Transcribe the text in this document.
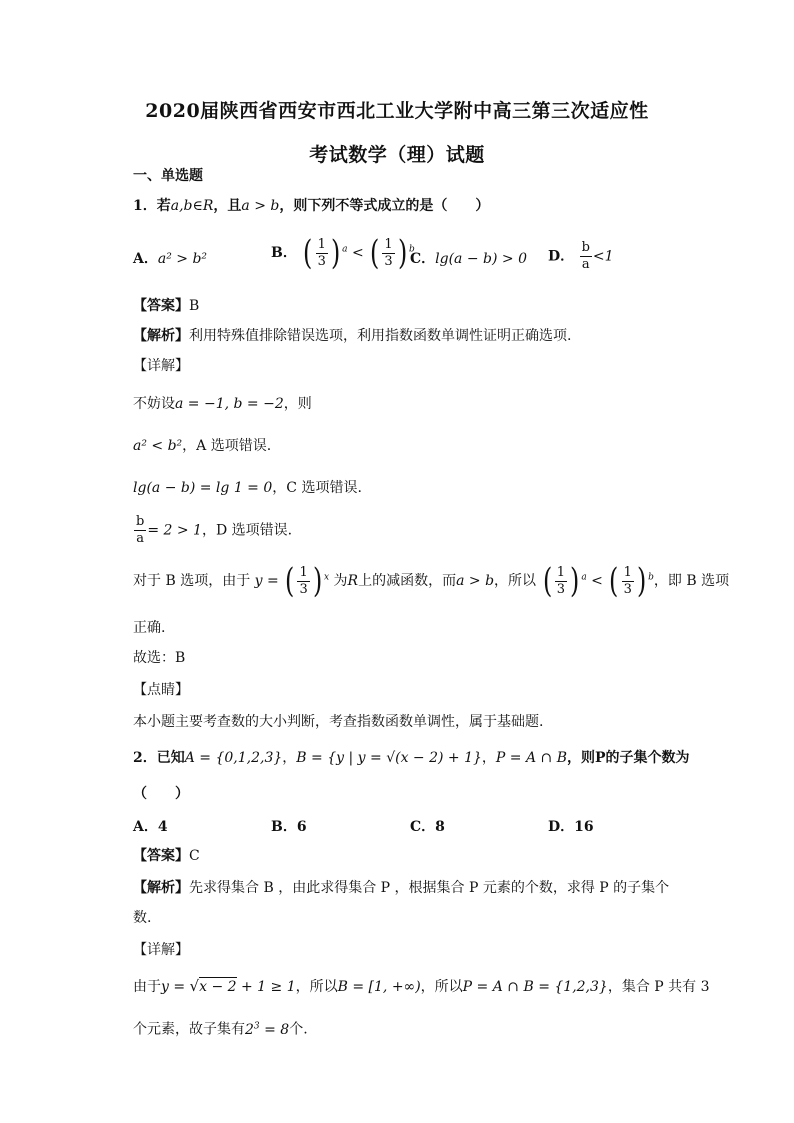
2020届陕西省西安市西北工业大学附中高三第三次适应性
考试数学（理）试题
一、单选题
1．若a,b∈R，且a > b，则下列不等式成立的是（　　）
A．a² > b²	B． ( $\frac{1}{3}$ ) $^a$ < ( $\frac{1}{3}$ ) $^b$
C．lg(a − b) > 0 D． $\frac{b}{a} <1$
【答案】B
【解析】利用特殊值排除错误选项，利用指数函数单调性证明正确选项.
【详解】
不妨设a = −1, b = −2，则
a² < b²，A 选项错误.
lg(a − b) = lg 1 = 0，C 选项错误.
$\frac{b}{a} = 2 > 1$，D 选项错误.
对于 B 选项，由于 y = ( $\frac{1}{3}$ ) $^x$ 为R上的减函数，而a > b，所以 ( $\frac{1}{3}$ ) $^a$ < ( $\frac{1}{3}$ ) $^b$，即 B 选项
正确.
故选：B
【点睛】
本小题主要考查数的大小判断，考查指数函数单调性，属于基础题.
2．已知A = {0,1,2,3}，B = {y | y = √(x − 2) + 1}，P = A ∩ B，则P的子集个数为
（　　）
A．4	B．6	C．8	D．16
【答案】C
【解析】先求得集合 B ，由此求得集合 P ，根据集合 P 元素的个数，求得 P 的子集个
数.
【详解】
由于y = √x − 2 + 1 ≥ 1，所以B = [1, +∞)，所以P = A ∩ B = {1,2,3}，集合 P 共有 3
个元素，故子集有$2^3 = 8$个.
